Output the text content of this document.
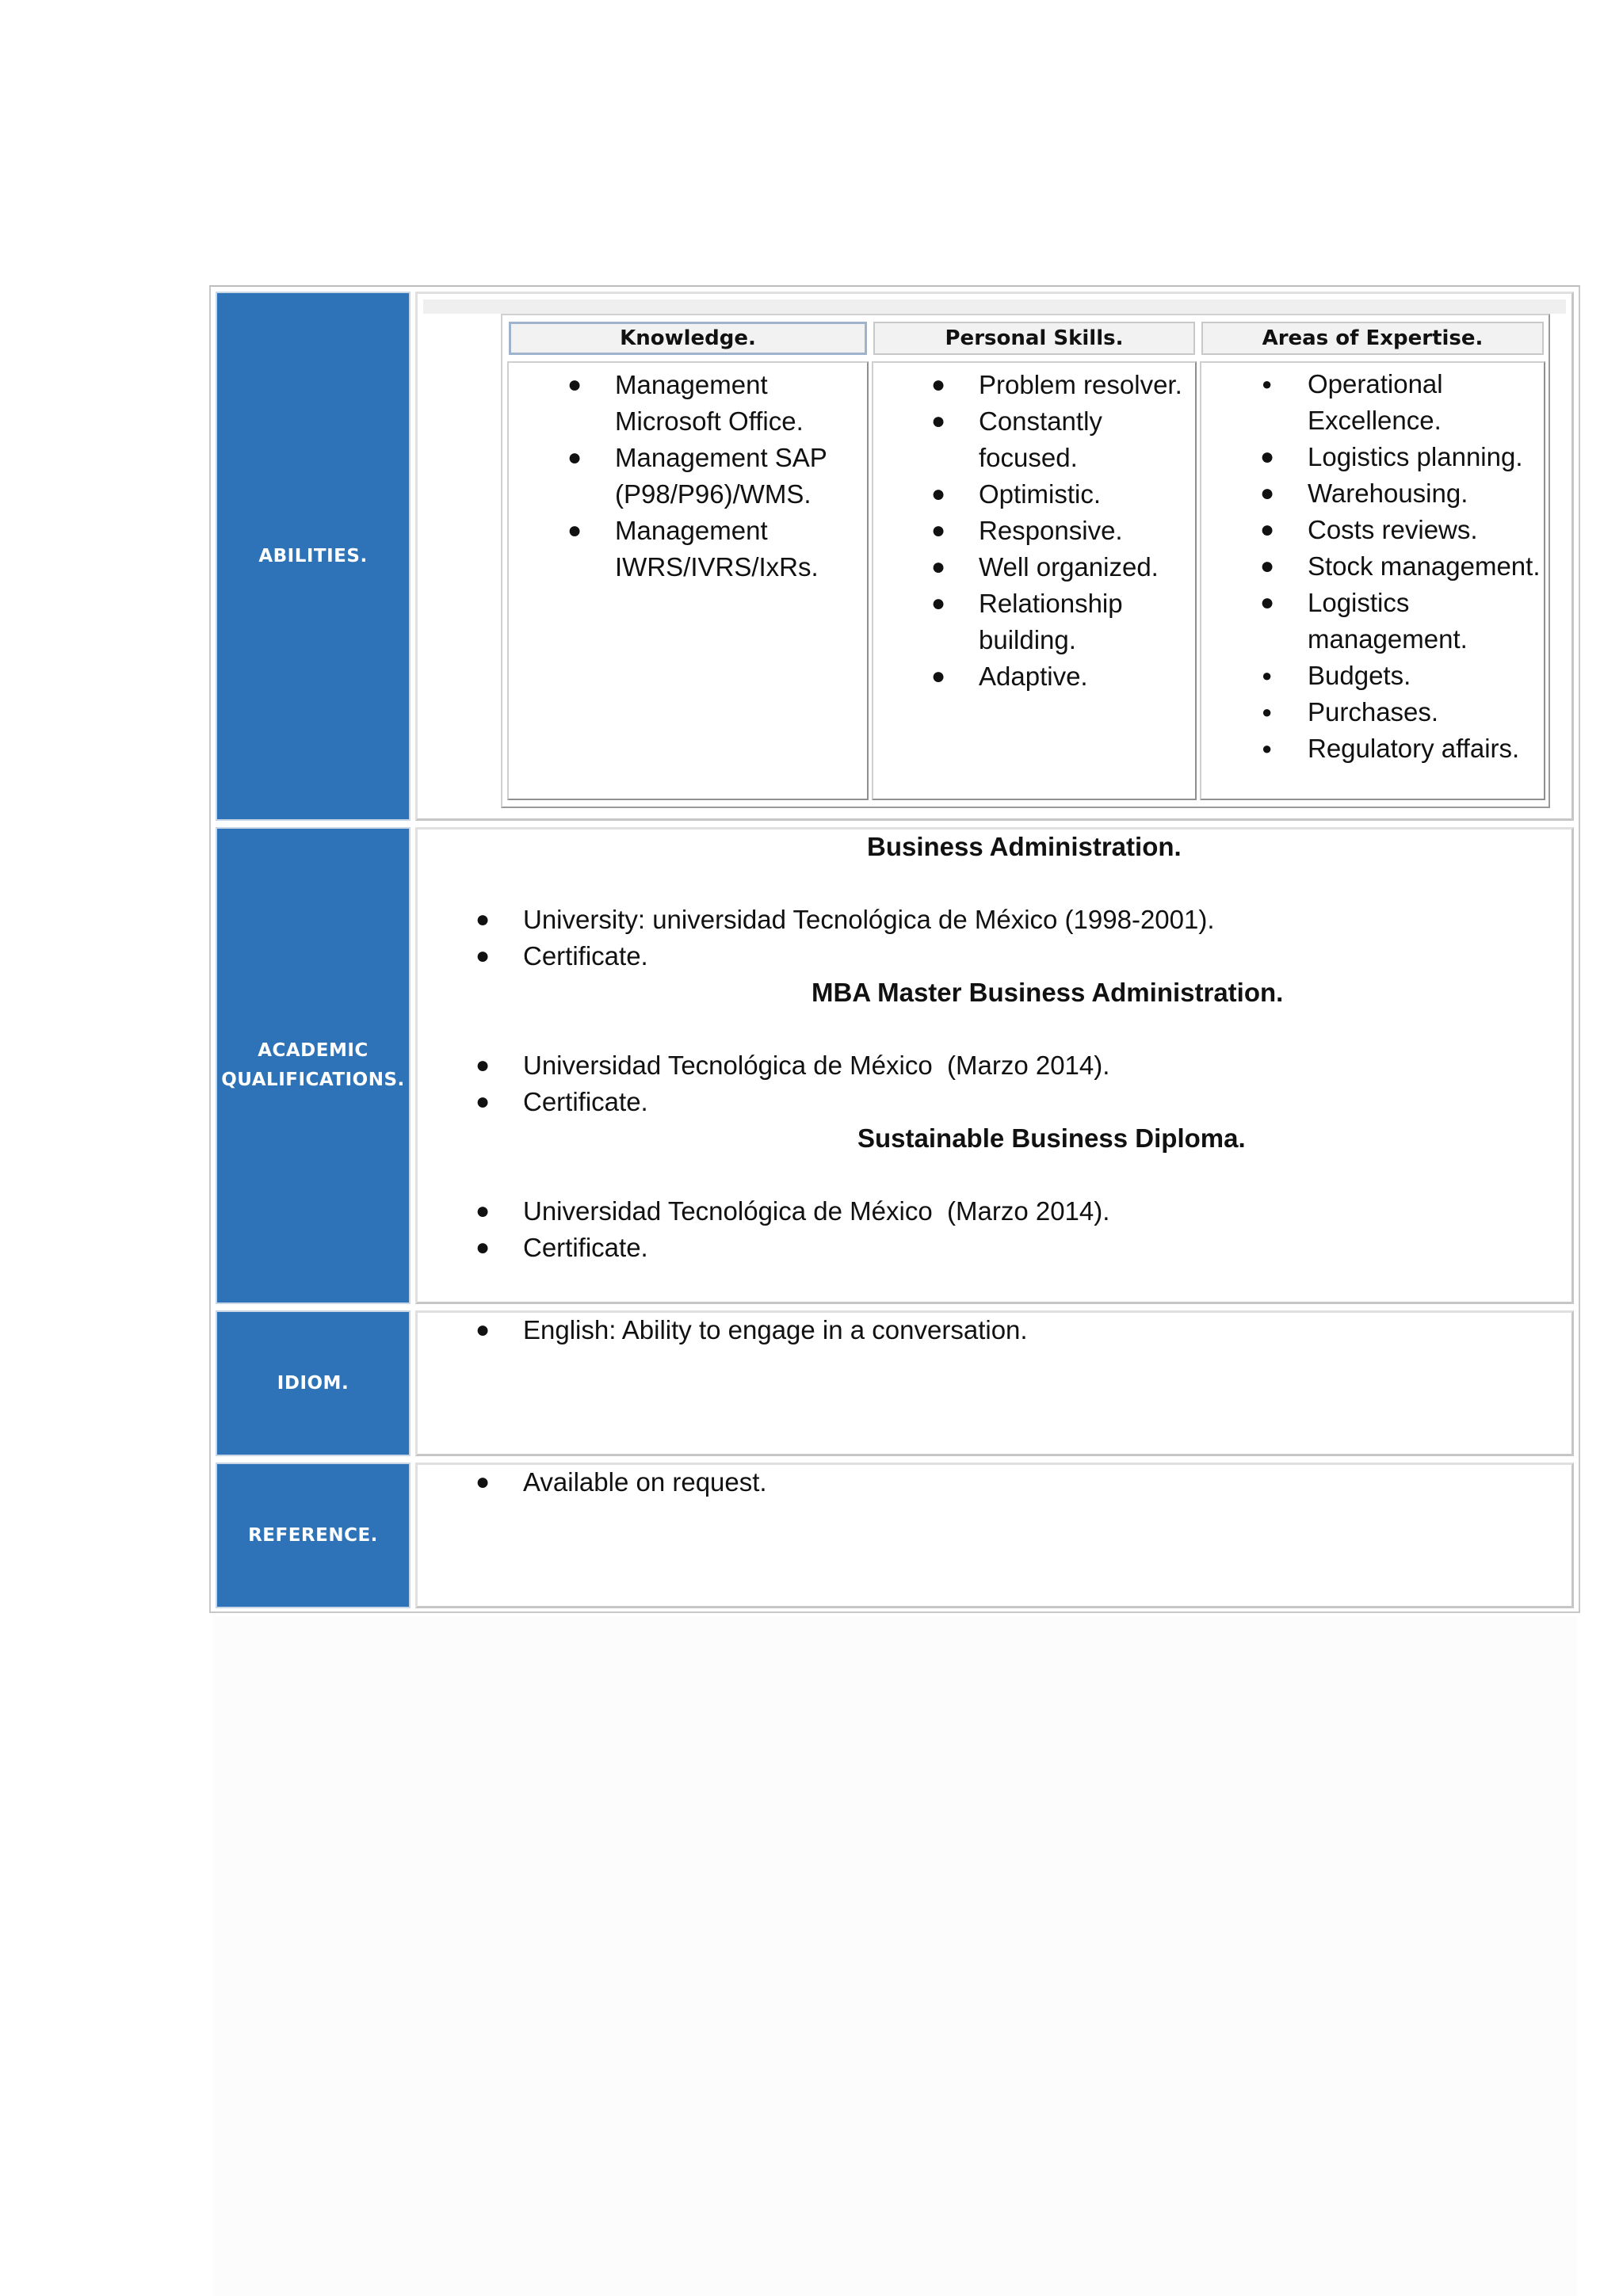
ABILITIES.
ACADEMIC
QUALIFICATIONS.
IDIOM.
REFERENCE.
Knowledge.	Personal Skills.	Areas of Expertise.
● Management Microsoft Office.
● Management SAP (P98/P96)/WMS.
● Management IWRS/IVRS/IxRs.
● Problem resolver.
● Constantly focused.
● Optimistic.
● Responsive.
● Well organized.
● Relationship building.
● Adaptive.
● Operational Excellence.
● Logistics planning.
● Warehousing.
● Costs reviews.
● Stock management.
● Logistics management.
● Budgets.
● Purchases.
● Regulatory affairs.
Business Administration.
● University: universidad Tecnológica de México (1998-2001).
● Certificate.
MBA Master Business Administration.
● Universidad Tecnológica de México  (Marzo 2014).
● Certificate.
Sustainable Business Diploma.
● Universidad Tecnológica de México  (Marzo 2014).
● Certificate.
● English: Ability to engage in a conversation.
● Available on request.
